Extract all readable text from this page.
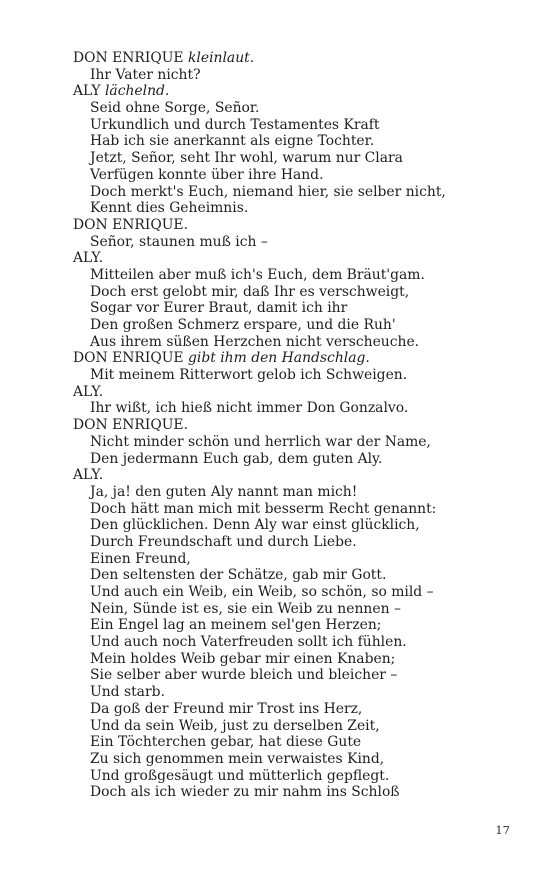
DON ENRIQUE kleinlaut.
Ihr Vater nicht?
ALY lächelnd.
Seid ohne Sorge, Señor.
Urkundlich und durch Testamentes Kraft
Hab ich sie anerkannt als eigne Tochter.
Jetzt, Señor, seht Ihr wohl, warum nur Clara
Verfügen konnte über ihre Hand.
Doch merkt's Euch, niemand hier, sie selber nicht,
Kennt dies Geheimnis.
DON ENRIQUE.
Señor, staunen muß ich –
ALY.
Mitteilen aber muß ich's Euch, dem Bräut'gam.
Doch erst gelobt mir, daß Ihr es verschweigt,
Sogar vor Eurer Braut, damit ich ihr
Den großen Schmerz erspare, und die Ruh'
Aus ihrem süßen Herzchen nicht verscheuche.
DON ENRIQUE gibt ihm den Handschlag.
Mit meinem Ritterwort gelob ich Schweigen.
ALY.
Ihr wißt, ich hieß nicht immer Don Gonzalvo.
DON ENRIQUE.
Nicht minder schön und herrlich war der Name,
Den jedermann Euch gab, dem guten Aly.
ALY.
Ja, ja! den guten Aly nannt man mich!
Doch hätt man mich mit besserm Recht genannt:
Den glücklichen. Denn Aly war einst glücklich,
Durch Freundschaft und durch Liebe.
Einen Freund,
Den seltensten der Schätze, gab mir Gott.
Und auch ein Weib, ein Weib, so schön, so mild –
Nein, Sünde ist es, sie ein Weib zu nennen –
Ein Engel lag an meinem sel'gen Herzen;
Und auch noch Vaterfreuden sollt ich fühlen.
Mein holdes Weib gebar mir einen Knaben;
Sie selber aber wurde bleich und bleicher –
Und starb.
Da goß der Freund mir Trost ins Herz,
Und da sein Weib, just zu derselben Zeit,
Ein Töchterchen gebar, hat diese Gute
Zu sich genommen mein verwaistes Kind,
Und großgesäugt und mütterlich gepflegt.
Doch als ich wieder zu mir nahm ins Schloß
17
